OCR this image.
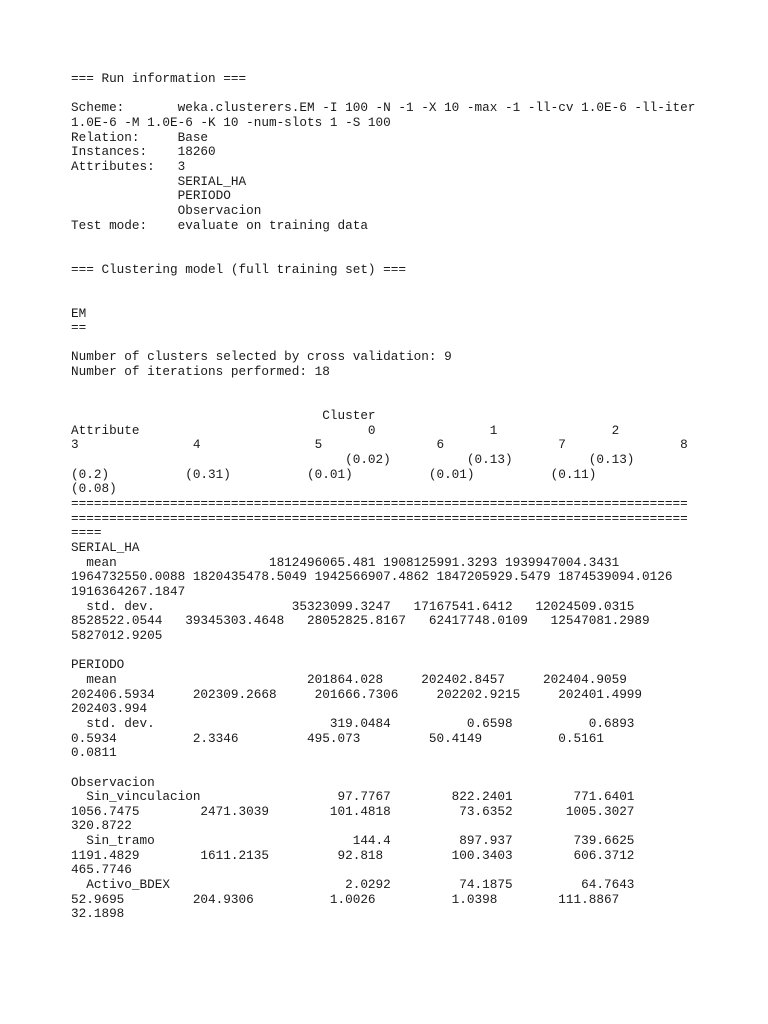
=== Run information ===

Scheme:       weka.clusterers.EM -I 100 -N -1 -X 10 -max -1 -ll-cv 1.0E-6 -ll-iter
1.0E-6 -M 1.0E-6 -K 10 -num-slots 1 -S 100
Relation:     Base
Instances:    18260
Attributes:   3
SERIAL_HA
PERIODO
Observacion
Test mode:    evaluate on training data

=== Clustering model (full training set) ===

EM
==

Number of clusters selected by cross validation: 9
Number of iterations performed: 18

Cluster
Attribute                              0               1               2
3               4               5               6               7               8
(0.02)          (0.13)          (0.13)
(0.2)          (0.31)          (0.01)          (0.01)          (0.11)
(0.08)
=================================================================================
=================================================================================
====
SERIAL_HA
mean                    1812496065.481 1908125991.3293 1939947004.3431
1964732550.0088 1820435478.5049 1942566907.4862 1847205929.5479 1874539094.0126
1916364267.1847
std. dev.                  35323099.3247   17167541.6412   12024509.0315
8528522.0544   39345303.4648   28052825.8167   62417748.0109   12547081.2989
5827012.9205

PERIODO
mean                         201864.028     202402.8457     202404.9059
202406.5934     202309.2668     201666.7306     202202.9215     202401.4999
202403.994
std. dev.                       319.0484          0.6598          0.6893
0.5934          2.3346         495.073         50.4149          0.5161
0.0811

Observacion
Sin_vinculacion                  97.7767        822.2401        771.6401
1056.7475        2471.3039        101.4818         73.6352       1005.3027
320.8722
Sin_tramo                          144.4         897.937        739.6625
1191.4829        1611.2135         92.818         100.3403        606.3712
465.7746
Activo_BDEX                       2.0292         74.1875         64.7643
52.9695         204.9306          1.0026          1.0398        111.8867
32.1898
